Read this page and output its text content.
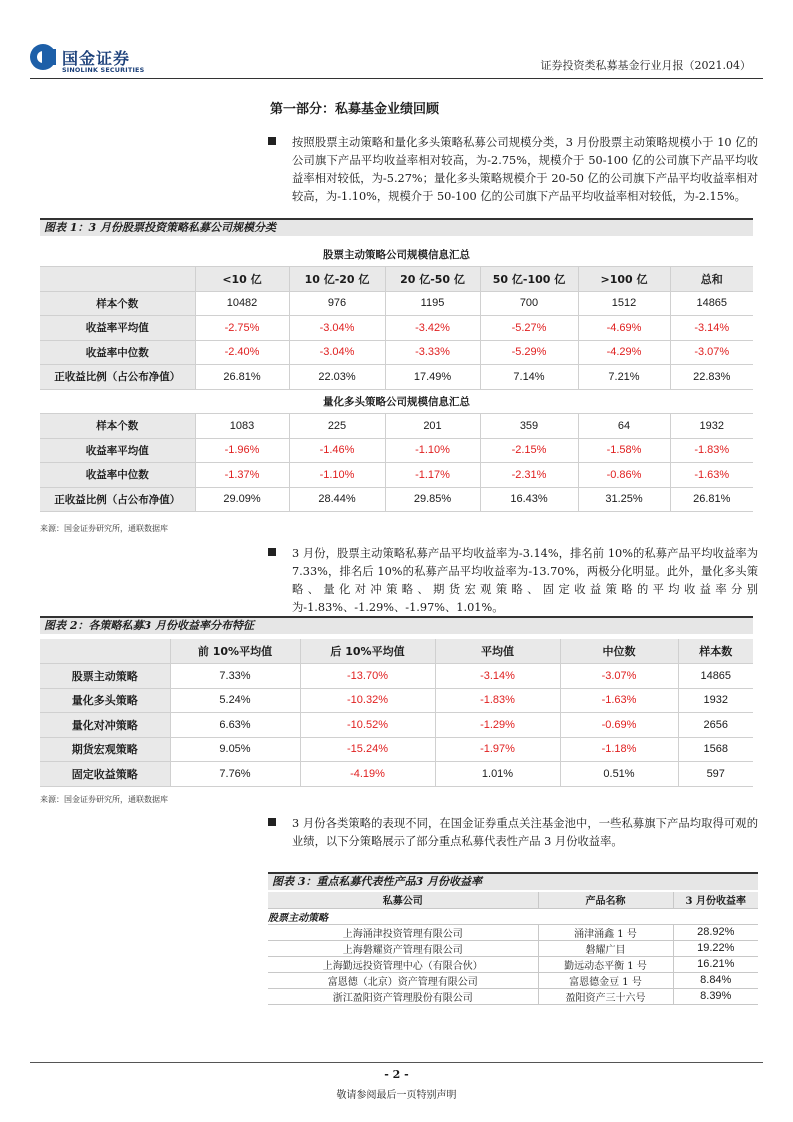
国金证券
SINOLINK SECURITIES	证券投资类私募基金行业月报（2021.04）
第一部分：私募基金业绩回顾
按照股票主动策略和量化多头策略私募公司规模分类，3 月份股票主动策略规模小于 10 亿的公司旗下产品平均收益率相对较高，为-2.75%，规模介于 50-100 亿的公司旗下产品平均收益率相对较低，为-5.27%；量化多头策略规模介于 20-50 亿的公司旗下产品平均收益率相对较高，为-1.10%，规模介于 50-100 亿的公司旗下产品平均收益率相对较低，为-2.15%。
图表 1：3 月份股票投资策略私募公司规模分类
股票主动策略公司规模信息汇总						
	<10 亿	10 亿-20 亿	20 亿-50 亿	50 亿-100 亿	>100 亿	总和
样本个数	10482	976	1195	700	1512	14865
收益率平均值	-2.75%	-3.04%	-3.42%	-5.27%	-4.69%	-3.14%
收益率中位数	-2.40%	-3.04%	-3.33%	-5.29%	-4.29%	-3.07%
正收益比例（占公布净值）	26.81%	22.03%	17.49%	7.14%	7.21%	22.83%
量化多头策略公司规模信息汇总						
样本个数	1083	225	201	359	64	1932
收益率平均值	-1.96%	-1.46%	-1.10%	-2.15%	-1.58%	-1.83%
收益率中位数	-1.37%	-1.10%	-1.17%	-2.31%	-0.86%	-1.63%
正收益比例（占公布净值）	29.09%	28.44%	29.85%	16.43%	31.25%	26.81%
来源：国金证券研究所，通联数据库
3 月份，股票主动策略私募产品平均收益率为-3.14%，排名前 10%的私募产品平均收益率为 7.33%，排名后 10%的私募产品平均收益率为-13.70%，两极分化明显。此外，量化多头策略、量化对冲策略、期货宏观策略、固定收益策略的平均收益率分别为-1.83%、-1.29%、-1.97%、1.01%。
图表 2：各策略私募3 月份收益率分布特征
	前 10%平均值	后 10%平均值	平均值	中位数	样本数
股票主动策略	7.33%	-13.70%	-3.14%	-3.07%	14865
量化多头策略	5.24%	-10.32%	-1.83%	-1.63%	1932
量化对冲策略	6.63%	-10.52%	-1.29%	-0.69%	2656
期货宏观策略	9.05%	-15.24%	-1.97%	-1.18%	1568
固定收益策略	7.76%	-4.19%	1.01%	0.51%	597
来源：国金证券研究所，通联数据库
3 月份各类策略的表现不同，在国金证券重点关注基金池中，一些私募旗下产品均取得可观的业绩，以下分策略展示了部分重点私募代表性产品 3 月份收益率。
图表 3：重点私募代表性产品3 月份收益率
私募公司	产品名称	3 月份收益率
股票主动策略		
上海涌津投资管理有限公司	涌津涌鑫 1 号	28.92%
上海磐耀资产管理有限公司	磐耀广目	19.22%
上海勤远投资管理中心（有限合伙）	勤远动态平衡 1 号	16.21%
富恩德（北京）资产管理有限公司	富恩德金豆 1 号	8.84%
浙江盈阳资产管理股份有限公司	盈阳资产三十六号	8.39%
- 2 -
敬请参阅最后一页特别声明
